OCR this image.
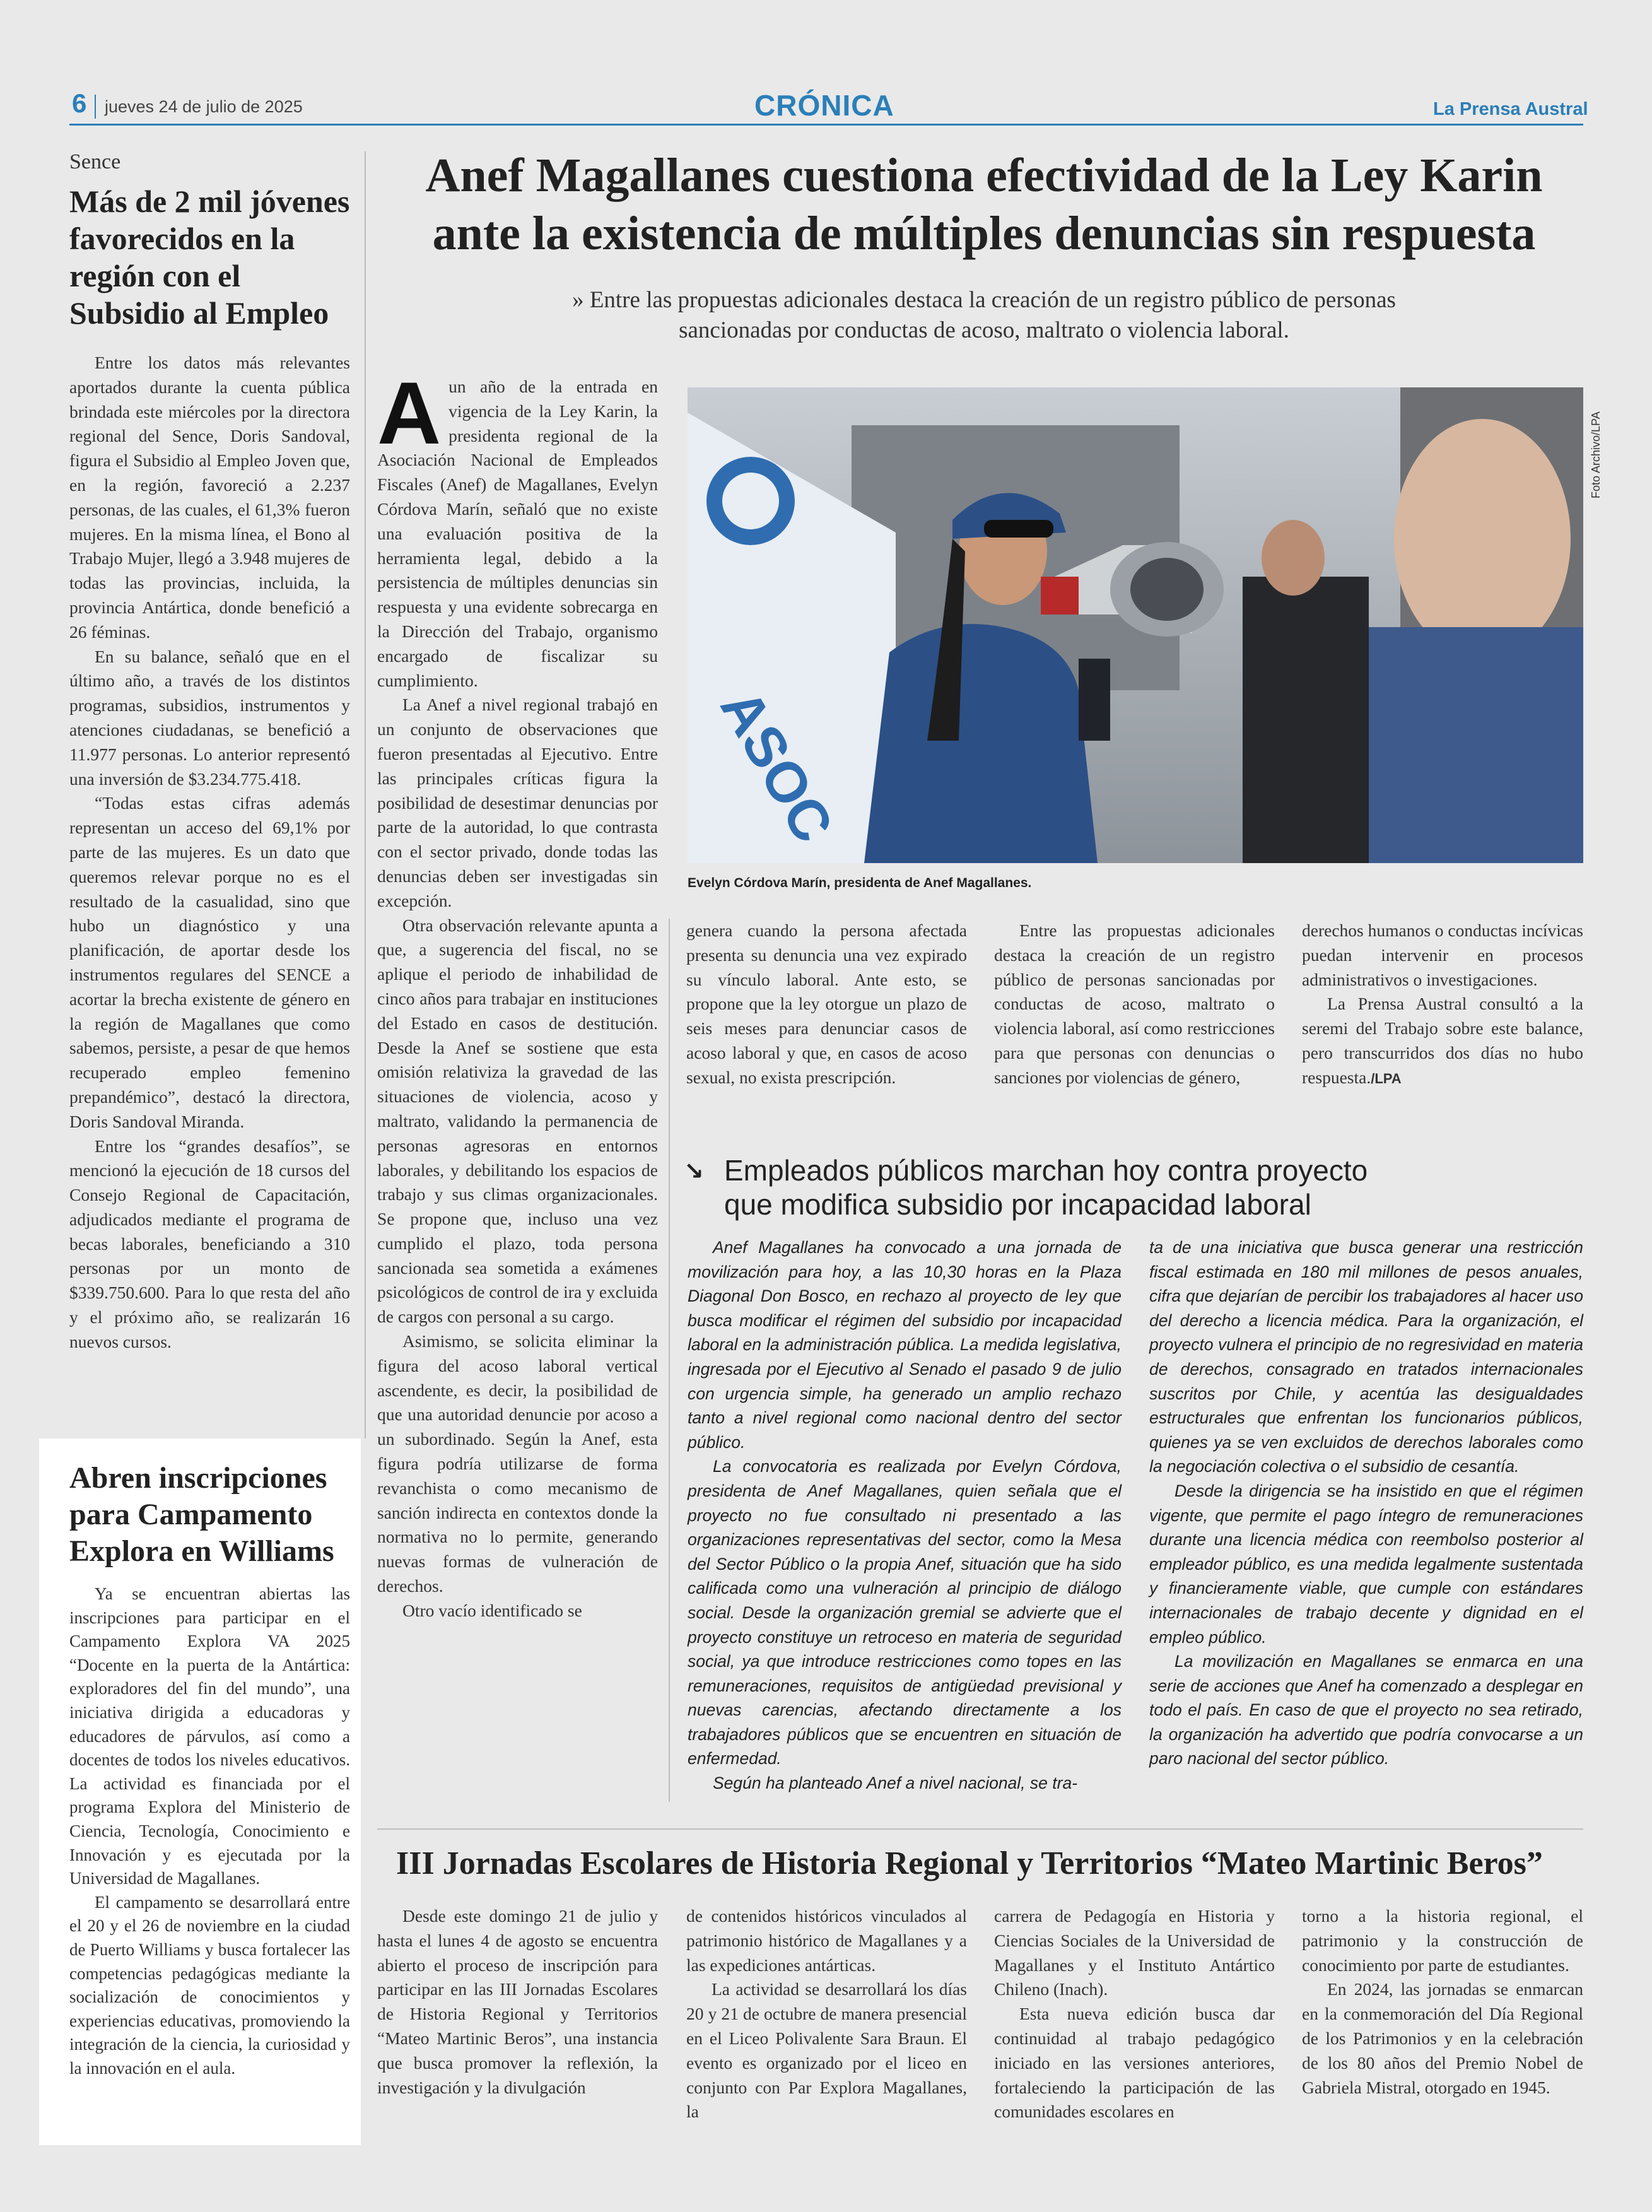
6 jueves 24 de julio de 2025	CRÓNICA	La Prensa Austral
Sence
Más de 2 mil jóvenes favorecidos en la región con el Subsidio al Empleo

Entre los datos más relevantes aportados durante la cuenta pública brindada este miércoles por la directora regional del Sence, Doris Sandoval, figura el Subsidio al Empleo Joven que, en la región, favoreció a 2.237 personas, de las cuales, el 61,3% fueron mujeres. En la misma línea, el Bono al Trabajo Mujer, llegó a 3.948 mujeres de todas las provincias, incluida, la provincia Antártica, donde benefició a 26 féminas.

En su balance, señaló que en el último año, a través de los distintos programas, subsidios, instrumentos y atenciones ciudadanas, se benefició a 11.977 personas. Lo anterior representó una inversión de $3.234.775.418.

“Todas estas cifras además representan un acceso del 69,1% por parte de las mujeres. Es un dato que queremos relevar porque no es el resultado de la casualidad, sino que hubo un diagnóstico y una planificación, de aportar desde los instrumentos regulares del SENCE a acortar la brecha existente de género en la región de Magallanes que como sabemos, persiste, a pesar de que hemos recuperado empleo femenino prepandémico”, destacó la directora, Doris Sandoval Miranda.

Entre los “grandes desafíos”, se mencionó la ejecución de 18 cursos del Consejo Regional de Capacitación, adjudicados mediante el programa de becas laborales, beneficiando a 310 personas por un monto de $339.750.600. Para lo que resta del año y el próximo año, se realizarán 16 nuevos cursos.

Abren inscripciones para Campamento Explora en Williams

Ya se encuentran abiertas las inscripciones para participar en el Campamento Explora VA 2025 “Docente en la puerta de la Antártica: exploradores del fin del mundo”, una iniciativa dirigida a educadoras y educadores de párvulos, así como a docentes de todos los niveles educativos. La actividad es financiada por el programa Explora del Ministerio de Ciencia, Tecnología, Conocimiento e Innovación y es ejecutada por la Universidad de Magallanes.

El campamento se desarrollará entre el 20 y el 26 de noviembre en la ciudad de Puerto Williams y busca fortalecer las competencias pedagógicas mediante la socialización de conocimientos y experiencias educativas, promoviendo la integración de la ciencia, la curiosidad y la innovación en el aula.

Anef Magallanes cuestiona efectividad de la Ley Karin ante la existencia de múltiples denuncias sin respuesta
» Entre las propuestas adicionales destaca la creación de un registro público de personas sancionadas por conductas de acoso, maltrato o violencia laboral.

Aun año de la entrada en vigencia de la Ley Karin, la presidenta regional de la Asociación Nacional de Empleados Fiscales (Anef) de Magallanes, Evelyn Córdova Marín, señaló que no existe una evaluación positiva de la herramienta legal, debido a la persistencia de múltiples denuncias sin respuesta y una evidente sobrecarga en la Dirección del Trabajo, organismo encargado de fiscalizar su cumplimiento.

La Anef a nivel regional trabajó en un conjunto de observaciones que fueron presentadas al Ejecutivo. Entre las principales críticas figura la posibilidad de desestimar denuncias por parte de la autoridad, lo que contrasta con el sector privado, donde todas las denuncias deben ser investigadas sin excepción.

Otra observación relevante apunta a que, a sugerencia del fiscal, no se aplique el periodo de inhabilidad de cinco años para trabajar en instituciones del Estado en casos de destitución. Desde la Anef se sostiene que esta omisión relativiza la gravedad de las situaciones de violencia, acoso y maltrato, validando la permanencia de personas agresoras en entornos laborales, y debilitando los espacios de trabajo y sus climas organizacionales. Se propone que, incluso una vez cumplido el plazo, toda persona sancionada sea sometida a exámenes psicológicos de control de ira y excluida de cargos con personal a su cargo.

Asimismo, se solicita eliminar la figura del acoso laboral vertical ascendente, es decir, la posibilidad de que una autoridad denuncie por acoso a un subordinado. Según la Anef, esta figura podría utilizarse de forma revanchista o como mecanismo de sanción indirecta en contextos donde la normativa no lo permite, generando nuevas formas de vulneración de derechos.

Otro vacío identificado se

ASOC
Foto Archivo/LPA
Evelyn Córdova Marín, presidenta de Anef Magallanes.

genera cuando la persona afectada presenta su denuncia una vez expirado su vínculo laboral. Ante esto, se propone que la ley otorgue un plazo de seis meses para denunciar casos de acoso laboral y que, en casos de acoso sexual, no exista prescripción.

Entre las propuestas adicionales destaca la creación de un registro público de personas sancionadas por conductas de acoso, maltrato o violencia laboral, así como restricciones para que personas con denuncias o sanciones por violencias de género,

derechos humanos o conductas incívicas puedan intervenir en procesos administrativos o investigaciones.

La Prensa Austral consultó a la seremi del Trabajo sobre este balance, pero transcurridos dos días no hubo respuesta./LPA

↘ Empleados públicos marchan hoy contra proyecto que modifica subsidio por incapacidad laboral

Anef Magallanes ha convocado a una jornada de movilización para hoy, a las 10,30 horas en la Plaza Diagonal Don Bosco, en rechazo al proyecto de ley que busca modificar el régimen del subsidio por incapacidad laboral en la administración pública. La medida legislativa, ingresada por el Ejecutivo al Senado el pasado 9 de julio con urgencia simple, ha generado un amplio rechazo tanto a nivel regional como nacional dentro del sector público.

La convocatoria es realizada por Evelyn Córdova, presidenta de Anef Magallanes, quien señala que el proyecto no fue consultado ni presentado a las organizaciones representativas del sector, como la Mesa del Sector Público o la propia Anef, situación que ha sido calificada como una vulneración al principio de diálogo social. Desde la organización gremial se advierte que el proyecto constituye un retroceso en materia de seguridad social, ya que introduce restricciones como topes en las remuneraciones, requisitos de antigüedad previsional y nuevas carencias, afectando directamente a los trabajadores públicos que se encuentren en situación de enfermedad.

Según ha planteado Anef a nivel nacional, se tra-

ta de una iniciativa que busca generar una restricción fiscal estimada en 180 mil millones de pesos anuales, cifra que dejarían de percibir los trabajadores al hacer uso del derecho a licencia médica. Para la organización, el proyecto vulnera el principio de no regresividad en materia de derechos, consagrado en tratados internacionales suscritos por Chile, y acentúa las desigualdades estructurales que enfrentan los funcionarios públicos, quienes ya se ven excluidos de derechos laborales como la negociación colectiva o el subsidio de cesantía.

Desde la dirigencia se ha insistido en que el régimen vigente, que permite el pago íntegro de remuneraciones durante una licencia médica con reembolso posterior al empleador público, es una medida legalmente sustentada y financieramente viable, que cumple con estándares internacionales de trabajo decente y dignidad en el empleo público.

La movilización en Magallanes se enmarca en una serie de acciones que Anef ha comenzado a desplegar en todo el país. En caso de que el proyecto no sea retirado, la organización ha advertido que podría convocarse a un paro nacional del sector público.

III Jornadas Escolares de Historia Regional y Territorios “Mateo Martinic Beros”

Desde este domingo 21 de julio y hasta el lunes 4 de agosto se encuentra abierto el proceso de inscripción para participar en las III Jornadas Escolares de Historia Regional y Territorios “Mateo Martinic Beros”, una instancia que busca promover la reflexión, la investigación y la divulgación

de contenidos históricos vinculados al patrimonio histórico de Magallanes y a las expediciones antárticas.

La actividad se desarrollará los días 20 y 21 de octubre de manera presencial en el Liceo Polivalente Sara Braun. El evento es organizado por el liceo en conjunto con Par Explora Magallanes, la

carrera de Pedagogía en Historia y Ciencias Sociales de la Universidad de Magallanes y el Instituto Antártico Chileno (Inach).

Esta nueva edición busca dar continuidad al trabajo pedagógico iniciado en las versiones anteriores, fortaleciendo la participación de las comunidades escolares en

torno a la historia regional, el patrimonio y la construcción de conocimiento por parte de estudiantes.

En 2024, las jornadas se enmarcan en la conmemoración del Día Regional de los Patrimonios y en la celebración de los 80 años del Premio Nobel de Gabriela Mistral, otorgado en 1945.
